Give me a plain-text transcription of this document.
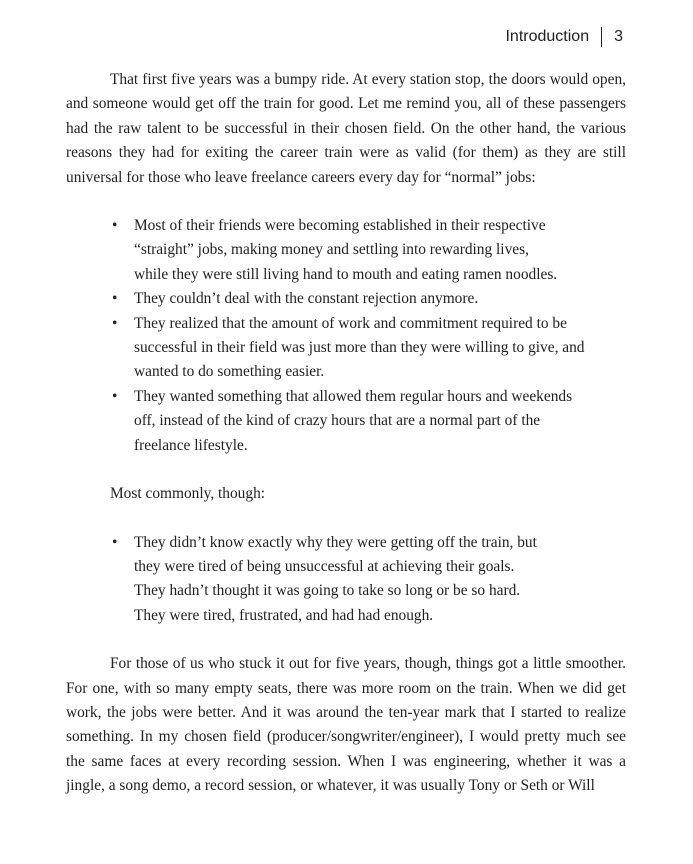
Introduction 3

That first five years was a bumpy ride. At every station stop, the doors would open, and someone would get off the train for good. Let me remind you, all of these passengers had the raw talent to be successful in their chosen field. On the other hand, the various reasons they had for exiting the career train were as valid (for them) as they are still universal for those who leave freelance careers every day for “normal” jobs:

• Most of their friends were becoming established in their respective “straight” jobs, making money and settling into rewarding lives, while they were still living hand to mouth and eating ramen noodles.
• They couldn’t deal with the constant rejection anymore.
• They realized that the amount of work and commitment required to be successful in their field was just more than they were willing to give, and wanted to do something easier.
• They wanted something that allowed them regular hours and weekends off, instead of the kind of crazy hours that are a normal part of the freelance lifestyle.

Most commonly, though:

• They didn’t know exactly why they were getting off the train, but they were tired of being unsuccessful at achieving their goals. They hadn’t thought it was going to take so long or be so hard. They were tired, frustrated, and had had enough.

For those of us who stuck it out for five years, though, things got a little smoother. For one, with so many empty seats, there was more room on the train. When we did get work, the jobs were better. And it was around the ten-year mark that I started to realize something. In my chosen field (producer/songwriter/engineer), I would pretty much see the same faces at every recording session. When I was engineering, whether it was a jingle, a song demo, a record session, or whatever, it was usually Tony or Seth or Will
